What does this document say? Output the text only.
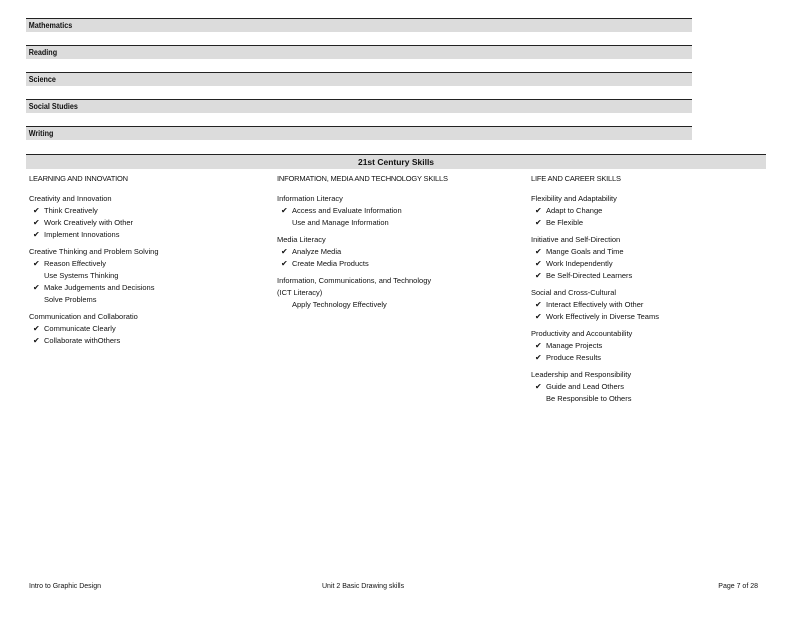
Mathematics
Reading
Science
Social Studies
Writing
21st Century Skills
LEARNING AND INNOVATION
Creativity and Innovation
✔ Think Creatively
✔ Work Creatively with Other
✔ Implement Innovations
Creative Thinking and Problem Solving
✔ Reason Effectively
Use Systems Thinking
✔ Make Judgements and Decisions
Solve Problems
Communication and Collaboratio
✔ Communicate Clearly
✔ Collaborate withOthers
INFORMATION, MEDIA AND TECHNOLOGY SKILLS
Information Literacy
✔ Access and Evaluate Information
Use and Manage Information
Media Literacy
✔ Analyze Media
✔ Create Media Products
Information, Communications, and Technology
(ICT Literacy)
Apply Technology Effectively
LIFE AND CAREER SKILLS
Flexibility and Adaptability
✔ Adapt to Change
✔ Be Flexible
Initiative and Self-Direction
✔ Mange Goals and Time
✔ Work Independently
✔ Be Self-Directed Learners
Social and Cross-Cultural
✔ Interact Effectively with Other
✔ Work Effectively in Diverse Teams
Productivity and Accountability
✔ Manage Projects
✔ Produce Results
Leadership and Responsibility
✔ Guide and Lead Others
Be Responsible to Others
Intro to Graphic Design	Unit 2 Basic Drawing skills	Page 7 of 28
